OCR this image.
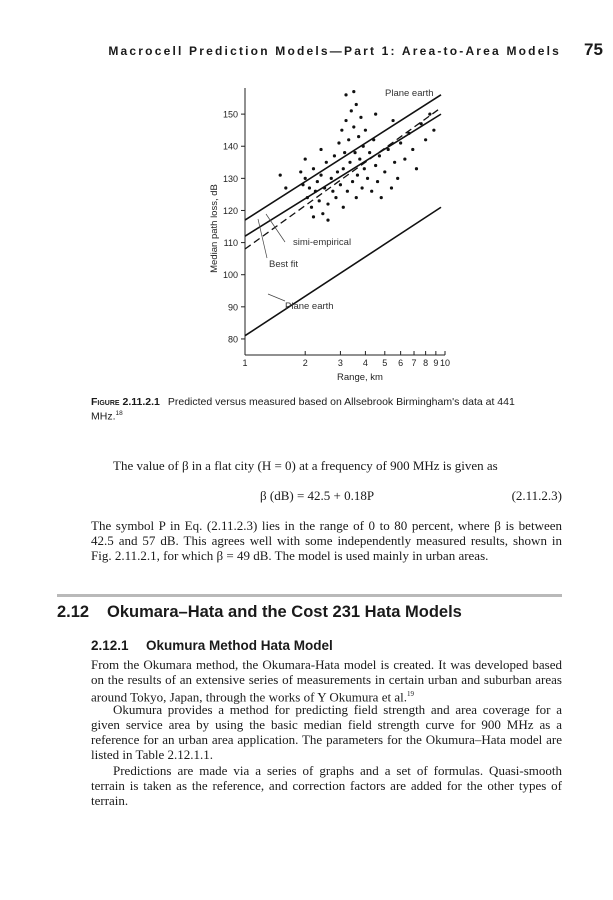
Macrocell Prediction Models—Part 1: Area-to-Area Models 75
80
90
100
110
120
130
140
150
1	2	3 4 5 6 7 8 9 10
Range, km
Median path loss, dB
Plane earth
simi-empirical
Best fit
Plane earth
Figure 2.11.2.1 Predicted versus measured based on Allsebrook Birmingham's data at 441 MHz.$^{18}$
The value of β in a flat city (H = 0) at a frequency of 900 MHz is given as
β (dB) = 42.5 + 0.18P	(2.11.2.3)
The symbol P in Eq. (2.11.2.3) lies in the range of 0 to 80 percent, where β is between 42.5 and 57 dB. This agrees well with some independently measured results, shown in Fig. 2.11.2.1, for which β = 49 dB. The model is used mainly in urban areas.
2.12 Okumara–Hata and the Cost 231 Hata Models
2.12.1 Okumura Method Hata Model
From the Okumara method, the Okumara-Hata model is created. It was developed based on the results of an extensive series of measurements in certain urban and suburban areas around Tokyo, Japan, through the works of Y Okumura et al.$^{19}$
Okumura provides a method for predicting field strength and area coverage for a given service area by using the basic median field strength curve for 900 MHz as a reference for an urban area application. The parameters for the Okumura–Hata model are listed in Table 2.12.1.1.
Predictions are made via a series of graphs and a set of formulas. Quasi-smooth terrain is taken as the reference, and correction factors are added for the other types of terrain.
